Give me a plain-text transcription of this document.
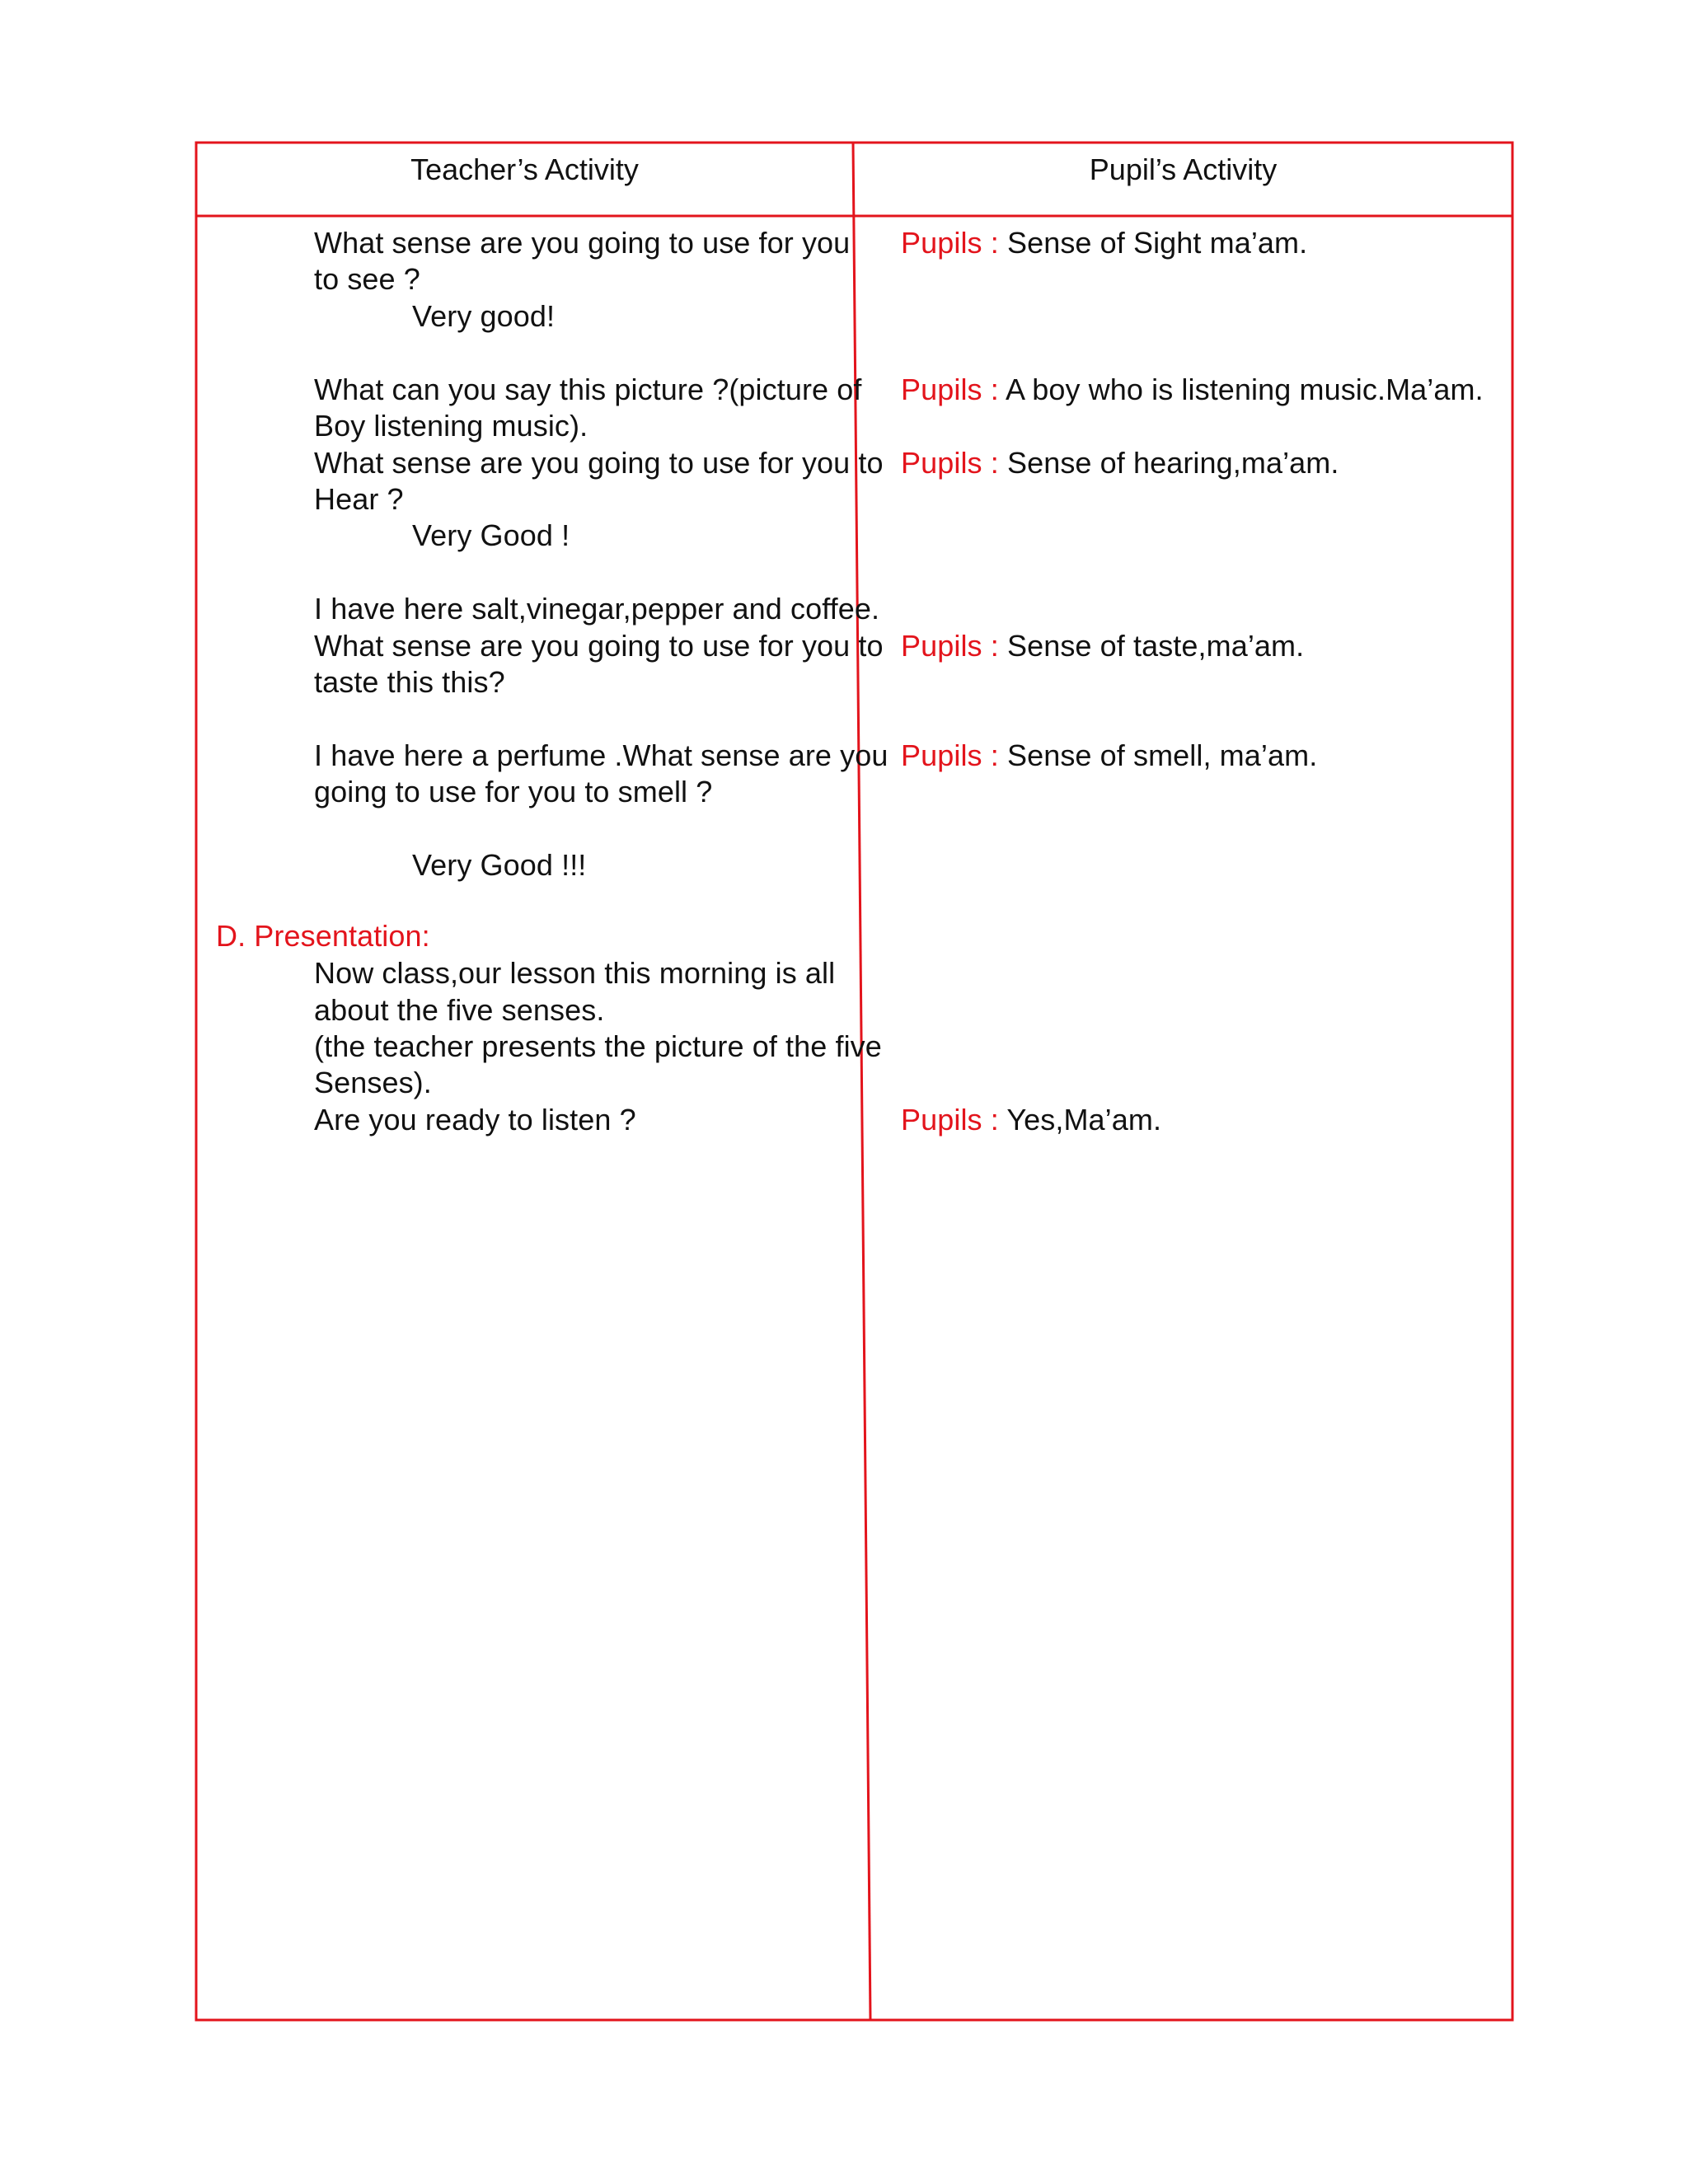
Teacher’s Activity	Pupil’s Activity
What sense are you going to use for you
to see ?
Very good!
What can you say this picture ?(picture of
Boy listening music).
What sense are you going to use for you to
Hear ?
Very Good !
I have here salt,vinegar,pepper and coffee.
What sense are you going to use for you to
taste this this?
I have here a perfume .What sense are you
going to use for you to smell ?
Very Good !!!
D. Presentation:
Now class,our lesson this morning is all
about the five senses.
(the teacher presents the picture of the five
Senses).
Are you ready to listen ?
Pupils : Sense of Sight ma’am.
Pupils : A boy who is listening music.Ma’am.
Pupils : Sense of hearing,ma’am.
Pupils : Sense of taste,ma’am.
Pupils : Sense of smell, ma’am.
Pupils : Yes,Ma’am.
